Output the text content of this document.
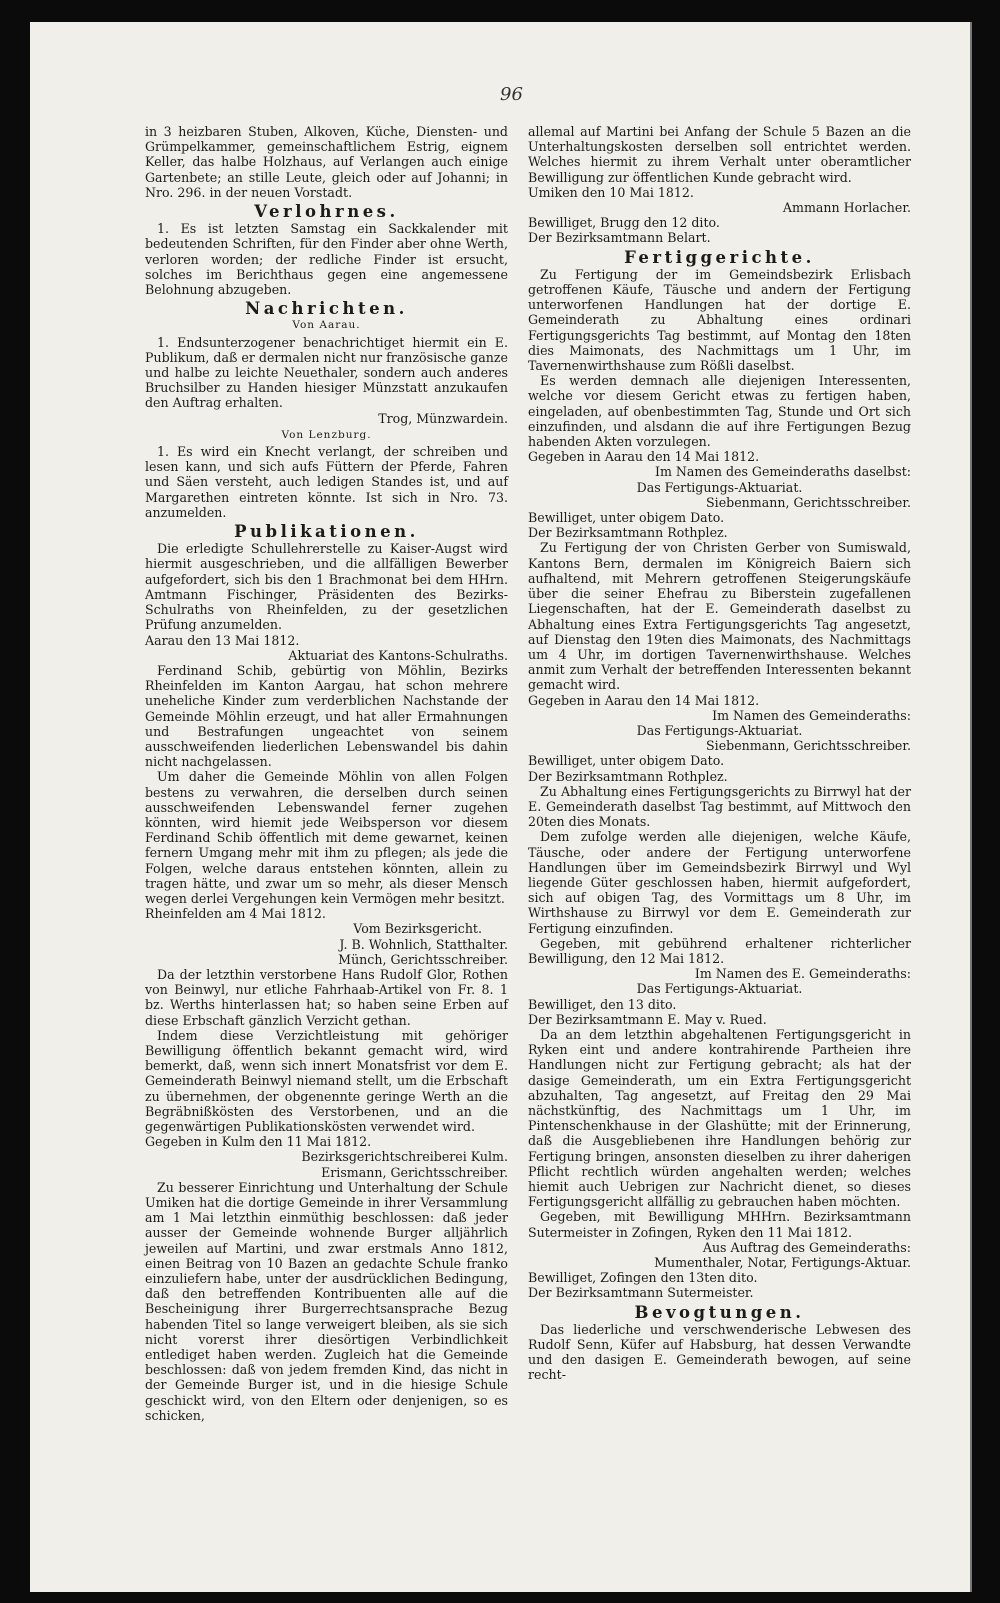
96

in 3 heizbaren Stuben, Alkoven, Küche, Diensten- und Grümpelkammer, gemeinschaftlichem Estrig, eignem Keller, das halbe Holzhaus, auf Verlangen auch einige Gartenbete; an stille Leute, gleich oder auf Johanni; in Nro. 296. in der neuen Vorstadt.

Verlohrnes.

1. Es ist letzten Samstag ein Sackkalender mit bedeutenden Schriften, für den Finder aber ohne Werth, verloren worden; der redliche Finder ist ersucht, solches im Berichthaus gegen eine angemessene Belohnung abzugeben.

Nachrichten.
Von Aarau.

1. Endsunterzogener benachrichtiget hiermit ein E. Publikum, daß er dermalen nicht nur französische ganze und halbe zu leichte Neuethaler, sondern auch anderes Bruchsilber zu Handen hiesiger Münzstatt anzukaufen den Auftrag erhalten.

Trog, Münzwardein.
Von Lenzburg.

1. Es wird ein Knecht verlangt, der schreiben und lesen kann, und sich aufs Füttern der Pferde, Fahren und Säen versteht, auch ledigen Standes ist, und auf Margarethen eintreten könnte. Ist sich in Nro. 73. anzumelden.

Publikationen.

Die erledigte Schullehrerstelle zu Kaiser-Augst wird hiermit ausgeschrieben, und die allfälligen Bewerber aufgefordert, sich bis den 1 Brachmonat bei dem HHrn. Amtmann Fischinger, Präsidenten des Bezirks-Schulraths von Rheinfelden, zu der gesetzlichen Prüfung anzumelden.

Aarau den 13 Mai 1812.
Aktuariat des Kantons-Schulraths.

Ferdinand Schib, gebürtig von Möhlin, Bezirks Rheinfelden im Kanton Aargau, hat schon mehrere uneheliche Kinder zum verderblichen Nachstande der Gemeinde Möhlin erzeugt, und hat aller Ermahnungen und Bestrafungen ungeachtet von seinem ausschweifenden liederlichen Lebenswandel bis dahin nicht nachgelassen.

Um daher die Gemeinde Möhlin von allen Folgen bestens zu verwahren, die derselben durch seinen ausschweifenden Lebenswandel ferner zugehen könnten, wird hiemit jede Weibsperson vor diesem Ferdinand Schib öffentlich mit deme gewarnet, keinen fernern Umgang mehr mit ihm zu pflegen; als jede die Folgen, welche daraus entstehen könnten, allein zu tragen hätte, und zwar um so mehr, als dieser Mensch wegen derlei Vergehungen kein Vermögen mehr besitzt.

Rheinfelden am 4 Mai 1812.
Vom Bezirksgericht.
J. B. Wohnlich, Statthalter.
Münch, Gerichtsschreiber.

Da der letzthin verstorbene Hans Rudolf Glor, Rothen von Beinwyl, nur etliche Fahrhaab-Artikel von Fr. 8. 1 bz. Werths hinterlassen hat; so haben seine Erben auf diese Erbschaft gänzlich Verzicht gethan.

Indem diese Verzichtleistung mit gehöriger Bewilligung öffentlich bekannt gemacht wird, wird bemerkt, daß, wenn sich innert Monatsfrist vor dem E. Gemeinderath Beinwyl niemand stellt, um die Erbschaft zu übernehmen, der obgenennte geringe Werth an die Begräbnißkösten des Verstorbenen, und an die gegenwärtigen Publikationskösten verwendet wird.

Gegeben in Kulm den 11 Mai 1812.
Bezirksgerichtschreiberei Kulm.
Erismann, Gerichtsschreiber.

Zu besserer Einrichtung und Unterhaltung der Schule Umiken hat die dortige Gemeinde in ihrer Versammlung am 1 Mai letzthin einmüthig beschlossen: daß jeder ausser der Gemeinde wohnende Burger alljährlich jeweilen auf Martini, und zwar erstmals Anno 1812, einen Beitrag von 10 Bazen an gedachte Schule franko einzuliefern habe, unter der ausdrücklichen Bedingung, daß den betreffenden Kontribuenten alle auf die Bescheinigung ihrer Burgerrechtsansprache Bezug habenden Titel so lange verweigert bleiben, als sie sich nicht vorerst ihrer diesörtigen Verbindlichkeit entlediget haben werden. Zugleich hat die Gemeinde beschlossen: daß von jedem fremden Kind, das nicht in der Gemeinde Burger ist, und in die hiesige Schule geschickt wird, von den Eltern oder denjenigen, so es schicken,

allemal auf Martini bei Anfang der Schule 5 Bazen an die Unterhaltungskosten derselben soll entrichtet werden. Welches hiermit zu ihrem Verhalt unter oberamtlicher Bewilligung zur öffentlichen Kunde gebracht wird.

Umiken den 10 Mai 1812.
Ammann Horlacher.
Bewilliget, Brugg den 12 dito.
Der Bezirksamtmann Belart.
Fertiggerichte.

Zu Fertigung der im Gemeindsbezirk Erlisbach getroffenen Käufe, Täusche und andern der Fertigung unterworfenen Handlungen hat der dortige E. Gemeinderath zu Abhaltung eines ordinari Fertigungsgerichts Tag bestimmt, auf Montag den 18ten dies Maimonats, des Nachmittags um 1 Uhr, im Tavernenwirthshause zum Rößli daselbst.

Es werden demnach alle diejenigen Interessenten, welche vor diesem Gericht etwas zu fertigen haben, eingeladen, auf obenbestimmten Tag, Stunde und Ort sich einzufinden, und alsdann die auf ihre Fertigungen Bezug habenden Akten vorzulegen.

Gegeben in Aarau den 14 Mai 1812.
Im Namen des Gemeinderaths daselbst:
Das Fertigungs-Aktuariat.
Siebenmann, Gerichtsschreiber.
Bewilliget, unter obigem Dato.
Der Bezirksamtmann Rothplez.

Zu Fertigung der von Christen Gerber von Sumiswald, Kantons Bern, dermalen im Königreich Baiern sich aufhaltend, mit Mehrern getroffenen Steigerungskäufe über die seiner Ehefrau zu Biberstein zugefallenen Liegenschaften, hat der E. Gemeinderath daselbst zu Abhaltung eines Extra Fertigungsgerichts Tag angesetzt, auf Dienstag den 19ten dies Maimonats, des Nachmittags um 4 Uhr, im dortigen Tavernenwirthshause. Welches anmit zum Verhalt der betreffenden Interessenten bekannt gemacht wird.

Gegeben in Aarau den 14 Mai 1812.
Im Namen des Gemeinderaths:
Das Fertigungs-Aktuariat.
Siebenmann, Gerichtsschreiber.
Bewilliget, unter obigem Dato.
Der Bezirksamtmann Rothplez.

Zu Abhaltung eines Fertigungsgerichts zu Birrwyl hat der E. Gemeinderath daselbst Tag bestimmt, auf Mittwoch den 20ten dies Monats.

Dem zufolge werden alle diejenigen, welche Käufe, Täusche, oder andere der Fertigung unterworfene Handlungen über im Gemeindsbezirk Birrwyl und Wyl liegende Güter geschlossen haben, hiermit aufgefordert, sich auf obigen Tag, des Vormittags um 8 Uhr, im Wirthshause zu Birrwyl vor dem E. Gemeinderath zur Fertigung einzufinden.

Gegeben, mit gebührend erhaltener richterlicher Bewilligung, den 12 Mai 1812.

Im Namen des E. Gemeinderaths:
Das Fertigungs-Aktuariat.
Bewilliget, den 13 dito.
Der Bezirksamtmann E. May v. Rued.

Da an dem letzthin abgehaltenen Fertigungsgericht in Ryken eint und andere kontrahirende Partheien ihre Handlungen nicht zur Fertigung gebracht; als hat der dasige Gemeinderath, um ein Extra Fertigungsgericht abzuhalten, Tag angesetzt, auf Freitag den 29 Mai nächstkünftig, des Nachmittags um 1 Uhr, im Pintenschenkhause in der Glashütte; mit der Erinnerung, daß die Ausgebliebenen ihre Handlungen behörig zur Fertigung bringen, ansonsten dieselben zu ihrer daherigen Pflicht rechtlich würden angehalten werden; welches hiemit auch Uebrigen zur Nachricht dienet, so dieses Fertigungsgericht allfällig zu gebrauchen haben möchten.

Gegeben, mit Bewilligung MHHrn. Bezirksamtmann Sutermeister in Zofingen, Ryken den 11 Mai 1812.

Aus Auftrag des Gemeinderaths:
Mumenthaler, Notar, Fertigungs-Aktuar.
Bewilliget, Zofingen den 13ten dito.
Der Bezirksamtmann Sutermeister.
Bevogtungen.

Das liederliche und verschwenderische Lebwesen des Rudolf Senn, Küfer auf Habsburg, hat dessen Verwandte und den dasigen E. Gemeinderath bewogen, auf seine recht-
